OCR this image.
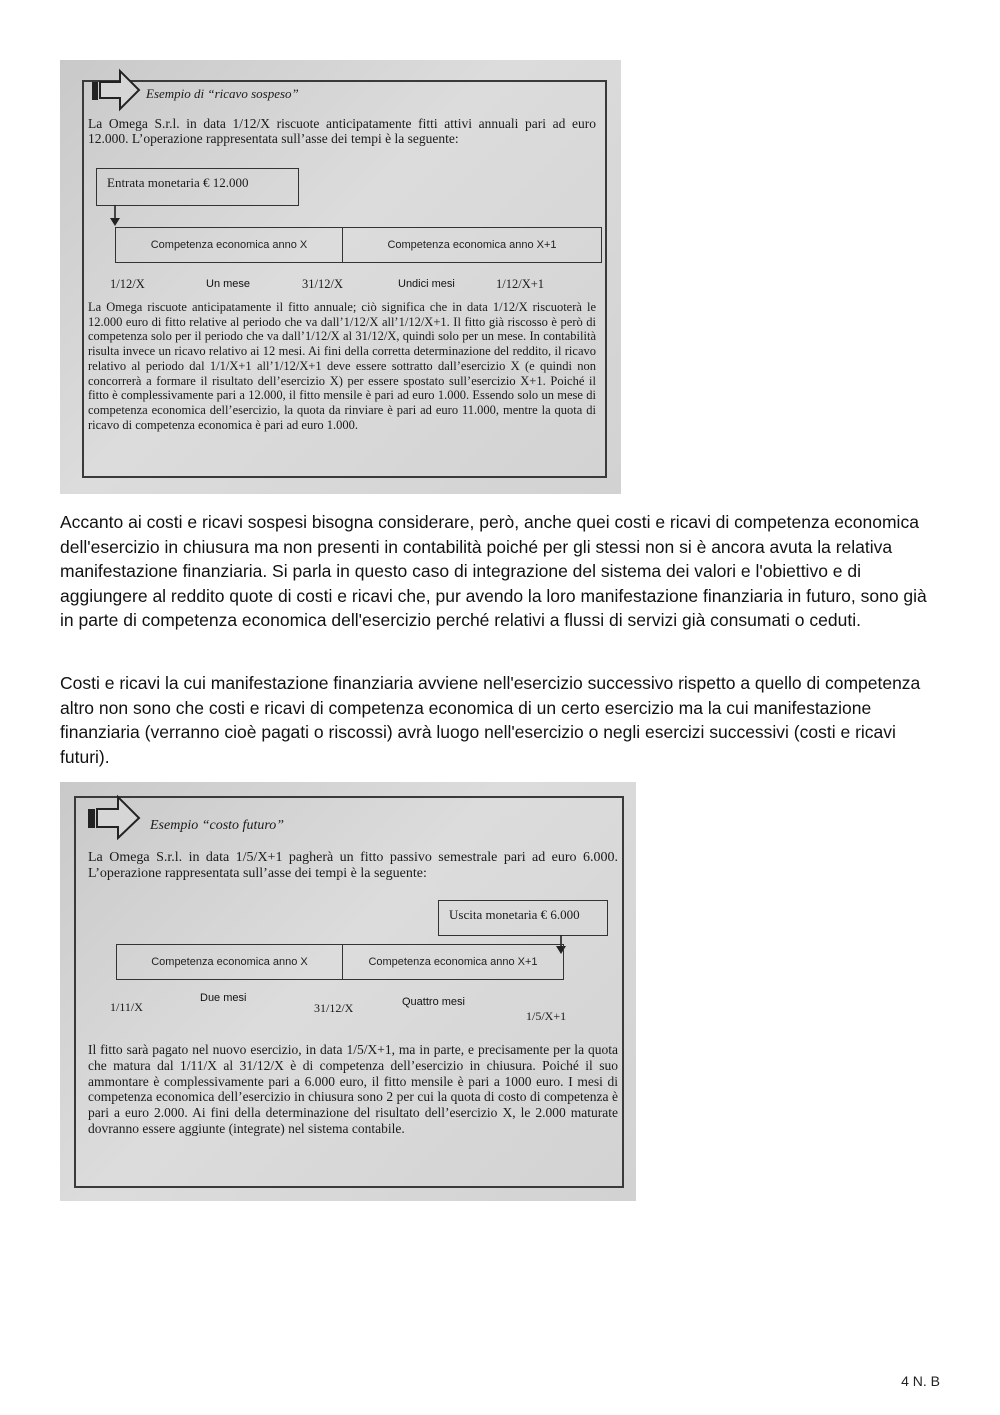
Esempio di “ricavo sospeso”
La Omega S.r.l. in data 1/12/X riscuote anticipatamente fitti attivi annuali pari ad euro 12.000. L’operazione rappresentata sull’asse dei tempi è la seguente:
Entrata monetaria € 12.000
Competenza economica anno X	Competenza economica anno X+1
1/12/X	Un mese	31/12/X	Undici mesi	1/12/X+1
La Omega riscuote anticipatamente il fitto annuale; ciò significa che in data 1/12/X riscuoterà le 12.000 euro di fitto relative al periodo che va dall’1/12/X all’1/12/X+1. Il fitto già riscosso è però di competenza solo per il periodo che va dall’1/12/X al 31/12/X, quindi solo per un mese. In contabilità risulta invece un ricavo relativo ai 12 mesi. Ai fini della corretta determinazione del reddito, il ricavo relativo al periodo dal 1/1/X+1 all’1/12/X+1 deve essere sottratto dall’esercizio X (e quindi non concorrerà a formare il risultato dell’esercizio X) per essere spostato sull’esercizio X+1. Poiché il fitto è complessivamente pari a 12.000, il fitto mensile è pari ad euro 1.000. Essendo solo un mese di competenza economica dell’esercizio, la quota da rinviare è pari ad euro 11.000, mentre la quota di ricavo di competenza economica è pari ad euro 1.000.

Accanto ai costi e ricavi sospesi bisogna considerare, però, anche quei costi e ricavi di competenza economica dell'esercizio in chiusura ma non presenti in contabilità poiché per gli stessi non si è ancora avuta la relativa manifestazione finanziaria. Si parla in questo caso di integrazione del sistema dei valori e l'obiettivo e di aggiungere al reddito quote di costi e ricavi che, pur avendo la loro manifestazione finanziaria in futuro, sono già in parte di competenza economica dell'esercizio perché relativi a flussi di servizi già consumati o ceduti.

Costi e ricavi la cui manifestazione finanziaria avviene nell'esercizio successivo rispetto a quello di competenza altro non sono che costi e ricavi di competenza economica di un certo esercizio ma la cui manifestazione finanziaria (verranno cioè pagati o riscossi) avrà luogo nell'esercizio o negli esercizi successivi (costi e ricavi futuri).

Esempio “costo futuro”
La Omega S.r.l. in data 1/5/X+1 pagherà un fitto passivo semestrale pari ad euro 6.000. L’operazione rappresentata sull’asse dei tempi è la seguente:
Uscita monetaria € 6.000
Competenza economica anno X	Competenza economica anno X+1
1/11/X
Due mesi
31/12/X	Quattro mesi
1/5/X+1
Il fitto sarà pagato nel nuovo esercizio, in data 1/5/X+1, ma in parte, e precisamente per la quota che matura dal 1/11/X al 31/12/X è di competenza dell’esercizio in chiusura. Poiché il suo ammontare è complessivamente pari a 6.000 euro, il fitto mensile è pari a 1000 euro. I mesi di competenza economica dell’esercizio in chiusura sono 2 per cui la quota di costo di competenza è pari a euro 2.000. Ai fini della determinazione del risultato dell’esercizio X, le 2.000 maturate dovranno essere aggiunte (integrate) nel sistema contabile.
4 N. B
